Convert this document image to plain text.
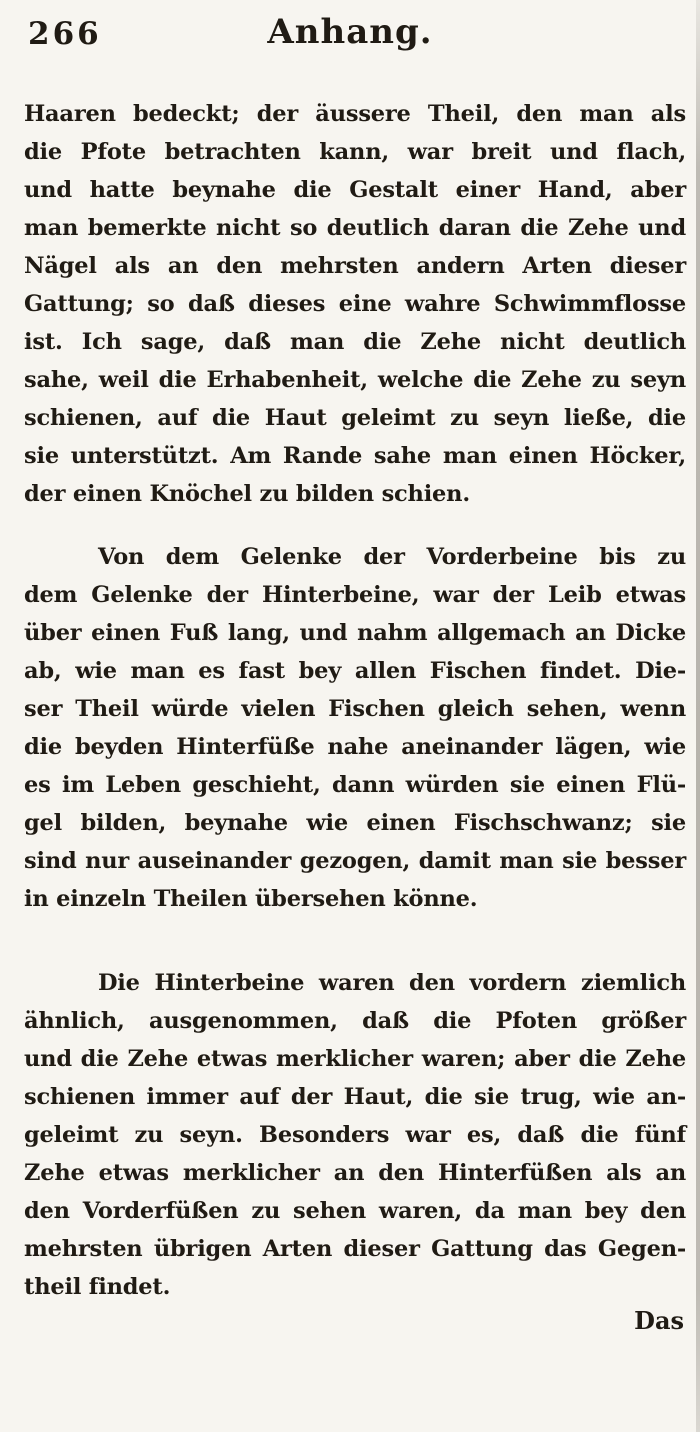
266	Anhang.
Haaren bedeckt; der äussere Theil, den man als
die Pfote betrachten kann, war breit und flach,
und hatte beynahe die Gestalt einer Hand, aber
man bemerkte nicht so deutlich daran die Zehe und
Nägel als an den mehrsten andern Arten dieser
Gattung; so daß dieses eine wahre Schwimmflosse
ist. Ich sage, daß man die Zehe nicht deutlich
sahe, weil die Erhabenheit, welche die Zehe zu seyn
schienen, auf die Haut geleimt zu seyn ließe, die
sie unterstützt. Am Rande sahe man einen Höcker,
der einen Knöchel zu bilden schien.
Von dem Gelenke der Vorderbeine bis zu
dem Gelenke der Hinterbeine, war der Leib etwas
über einen Fuß lang, und nahm allgemach an Dicke
ab, wie man es fast bey allen Fischen findet. Die-
ser Theil würde vielen Fischen gleich sehen, wenn
die beyden Hinterfüße nahe aneinander lägen, wie
es im Leben geschieht, dann würden sie einen Flü-
gel bilden, beynahe wie einen Fischschwanz; sie
sind nur auseinander gezogen, damit man sie besser
in einzeln Theilen übersehen könne.
Die Hinterbeine waren den vordern ziemlich
ähnlich, ausgenommen, daß die Pfoten größer
und die Zehe etwas merklicher waren; aber die Zehe
schienen immer auf der Haut, die sie trug, wie an-
geleimt zu seyn. Besonders war es, daß die fünf
Zehe etwas merklicher an den Hinterfüßen als an
den Vorderfüßen zu sehen waren, da man bey den
mehrsten übrigen Arten dieser Gattung das Gegen-
theil findet.
Das
